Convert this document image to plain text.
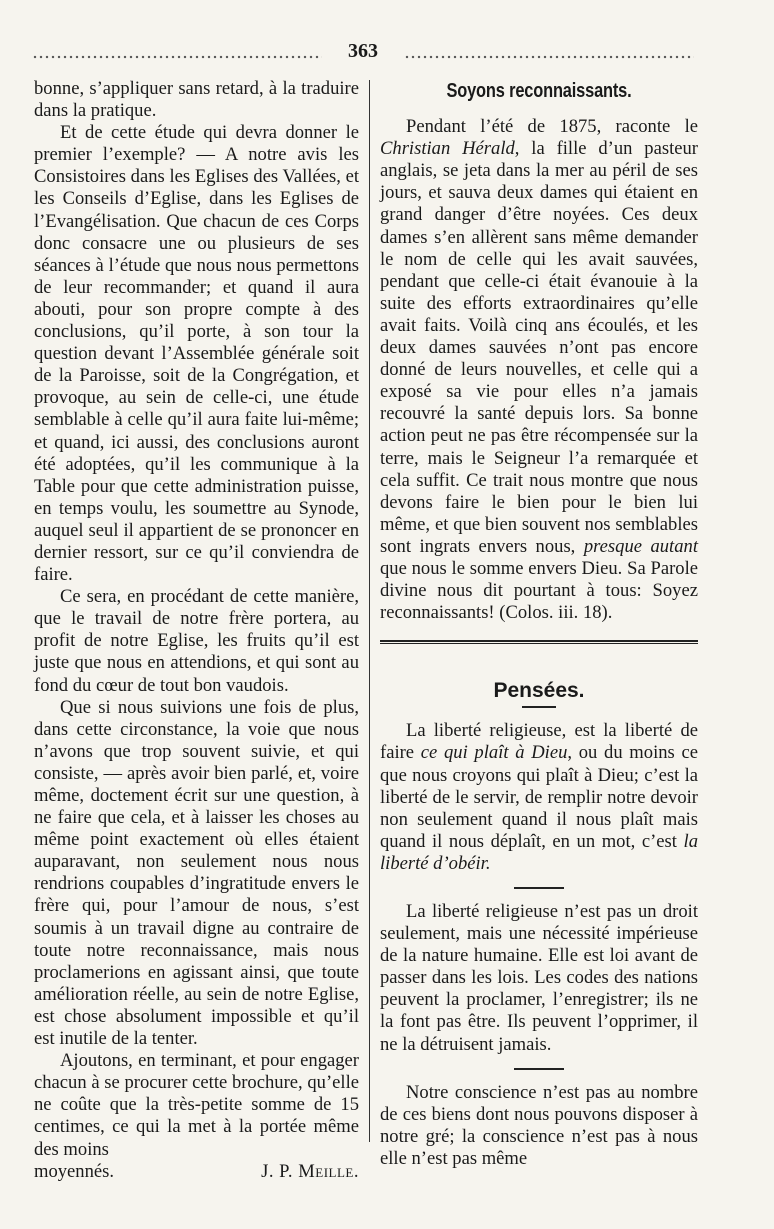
363

bonne, s’appliquer sans retard, à la traduire dans la pratique.

Et de cette étude qui devra donner le premier l’exemple? — A notre avis les Consistoires dans les Eglises des Vallées, et les Conseils d’Eglise, dans les Eglises de l’Evangélisation. Que chacun de ces Corps donc consacre une ou plusieurs de ses séances à l’étude que nous nous permettons de leur recommander; et quand il aura abouti, pour son propre compte à des conclusions, qu’il porte, à son tour la question devant l’Assemblée générale soit de la Paroisse, soit de la Congrégation, et provoque, au sein de celle-ci, une étude semblable à celle qu’il aura faite lui-même; et quand, ici aussi, des conclusions auront été adoptées, qu’il les communique à la Table pour que cette administration puisse, en temps voulu, les soumettre au Synode, auquel seul il appartient de se prononcer en dernier ressort, sur ce qu’il conviendra de faire.

Ce sera, en procédant de cette manière, que le travail de notre frère portera, au profit de notre Eglise, les fruits qu’il est juste que nous en attendions, et qui sont au fond du cœur de tout bon vaudois.

Que si nous suivions une fois de plus, dans cette circonstance, la voie que nous n’avons que trop souvent suivie, et qui consiste, — après avoir bien parlé, et, voire même, doctement écrit sur une question, à ne faire que cela, et à laisser les choses au même point exactement où elles étaient auparavant, non seulement nous nous rendrions coupables d’ingratitude envers le frère qui, pour l’amour de nous, s’est soumis à un travail digne au contraire de toute notre reconnaissance, mais nous proclamerions en agissant ainsi, que toute amélioration réelle, au sein de notre Eglise, est chose absolument impossible et qu’il est inutile de la tenter.

Ajoutons, en terminant, et pour engager chacun à se procurer cette brochure, qu’elle ne coûte que la très-petite somme de 15 centimes, ce qui la met à la portée même des moins

moyennés.	J. P. Meille.
Soyons reconnaissants.

Pendant l’été de 1875, raconte le Christian Hérald, la fille d’un pasteur anglais, se jeta dans la mer au péril de ses jours, et sauva deux dames qui étaient en grand danger d’être noyées. Ces deux dames s’en allèrent sans même demander le nom de celle qui les avait sauvées, pendant que celle-ci était évanouie à la suite des efforts extraordinaires qu’elle avait faits. Voilà cinq ans écoulés, et les deux dames sauvées n’ont pas encore donné de leurs nouvelles, et celle qui a exposé sa vie pour elles n’a jamais recouvré la santé depuis lors. Sa bonne action peut ne pas être récompensée sur la terre, mais le Seigneur l’a remarquée et cela suffit. Ce trait nous montre que nous devons faire le bien pour le bien lui même, et que bien souvent nos semblables sont ingrats envers nous, presque autant que nous le somme envers Dieu. Sa Parole divine nous dit pourtant à tous: Soyez reconnaissants! (Colos. iii. 18).

Pensées.

La liberté religieuse, est la liberté de faire ce qui plaît à Dieu, ou du moins ce que nous croyons qui plaît à Dieu; c’est la liberté de le servir, de remplir notre devoir non seulement quand il nous plaît mais quand il nous déplaît, en un mot, c’est la liberté d’obéir.

La liberté religieuse n’est pas un droit seulement, mais une nécessité impérieuse de la nature humaine. Elle est loi avant de passer dans les lois. Les codes des nations peuvent la proclamer, l’enregistrer; ils ne la font pas être. Ils peuvent l’opprimer, il ne la détruisent jamais.

Notre conscience n’est pas au nombre de ces biens dont nous pouvons disposer à notre gré; la conscience n’est pas à nous elle n’est pas même
